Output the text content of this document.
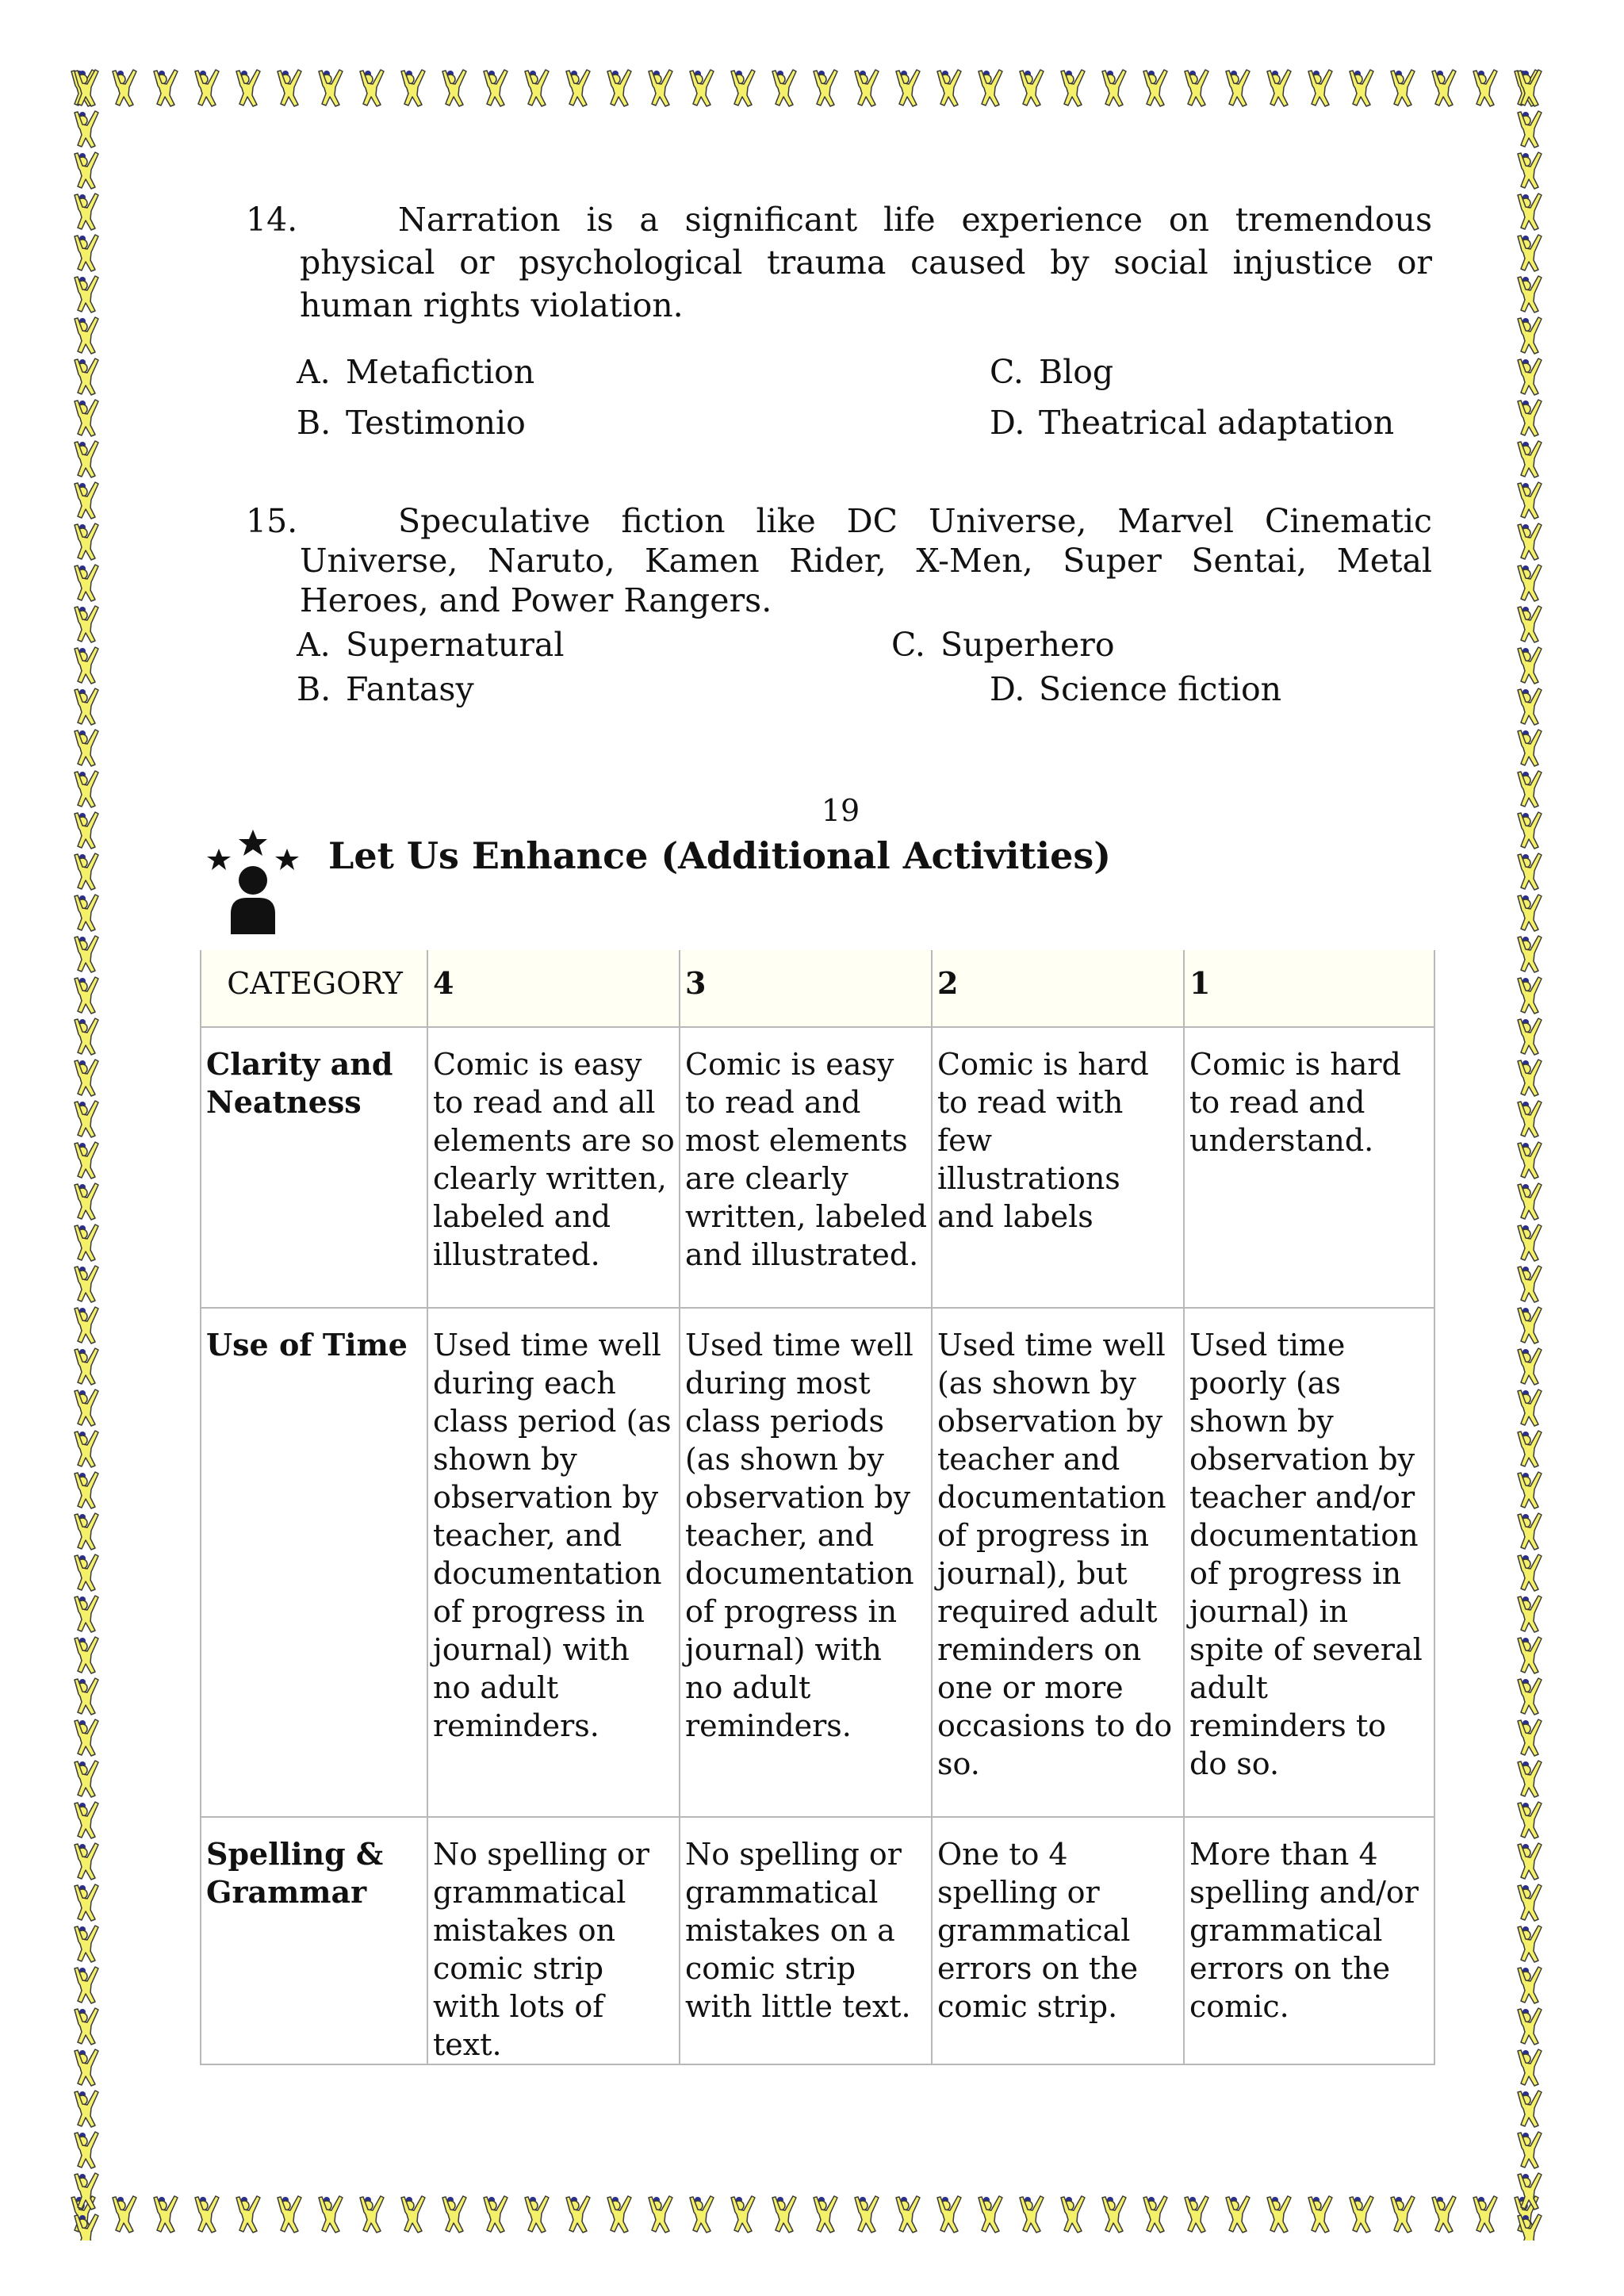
14.	Narration is a significant life experience on tremendous physical or psychological trauma caused by social injustice or human rights violation.
A. Metafiction
B. Testimonio
C. Blog
D. Theatrical adaptation
15.	Speculative fiction like DC Universe, Marvel Cinematic Universe, Naruto, Kamen Rider, X-Men, Super Sentai, Metal Heroes, and Power Rangers.
A. Supernatural
B. Fantasy
C. Superhero
D. Science fiction
19
Let Us Enhance (Additional Activities)
CATEGORY	4	3	2	1
Clarity and Neatness	Comic is easy to read and all elements are so clearly written, labeled and illustrated.	Comic is easy to read and most elements are clearly written, labeled and illustrated.	Comic is hard to read with few illustrations and labels	Comic is hard to read and understand.
Use of Time	Used time well during each class period (as shown by observation by teacher, and documentation of progress in journal) with no adult reminders.	Used time well during most class periods (as shown by observation by teacher, and documentation of progress in journal) with no adult reminders.	Used time well (as shown by observation by teacher and documentation of progress in journal), but required adult reminders on one or more occasions to do so.	Used time poorly (as shown by observation by teacher and/or documentation of progress in journal) in spite of several adult reminders to do so.
Spelling & Grammar	No spelling or grammatical mistakes on comic strip with lots of text.	No spelling or grammatical mistakes on a comic strip with little text.	One to 4 spelling or grammatical errors on the comic strip.	More than 4 spelling and/or grammatical errors on the comic.
